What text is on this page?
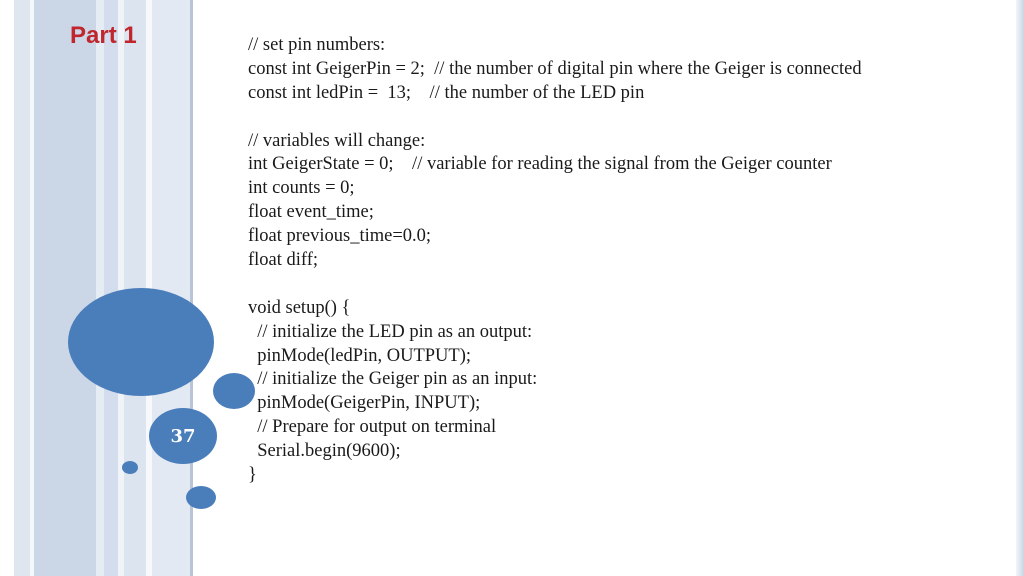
37
Part 1	// set pin numbers:
const int GeigerPin = 2;  // the number of digital pin where the Geiger is connected
const int ledPin =  13;    // the number of the LED pin
// variables will change:
int GeigerState = 0;    // variable for reading the signal from the Geiger counter
int counts = 0;
float event_time;
float previous_time=0.0;
float diff;
void setup() {
// initialize the LED pin as an output:
pinMode(ledPin, OUTPUT);
// initialize the Geiger pin as an input:
pinMode(GeigerPin, INPUT);
// Prepare for output on terminal
Serial.begin(9600);
}
